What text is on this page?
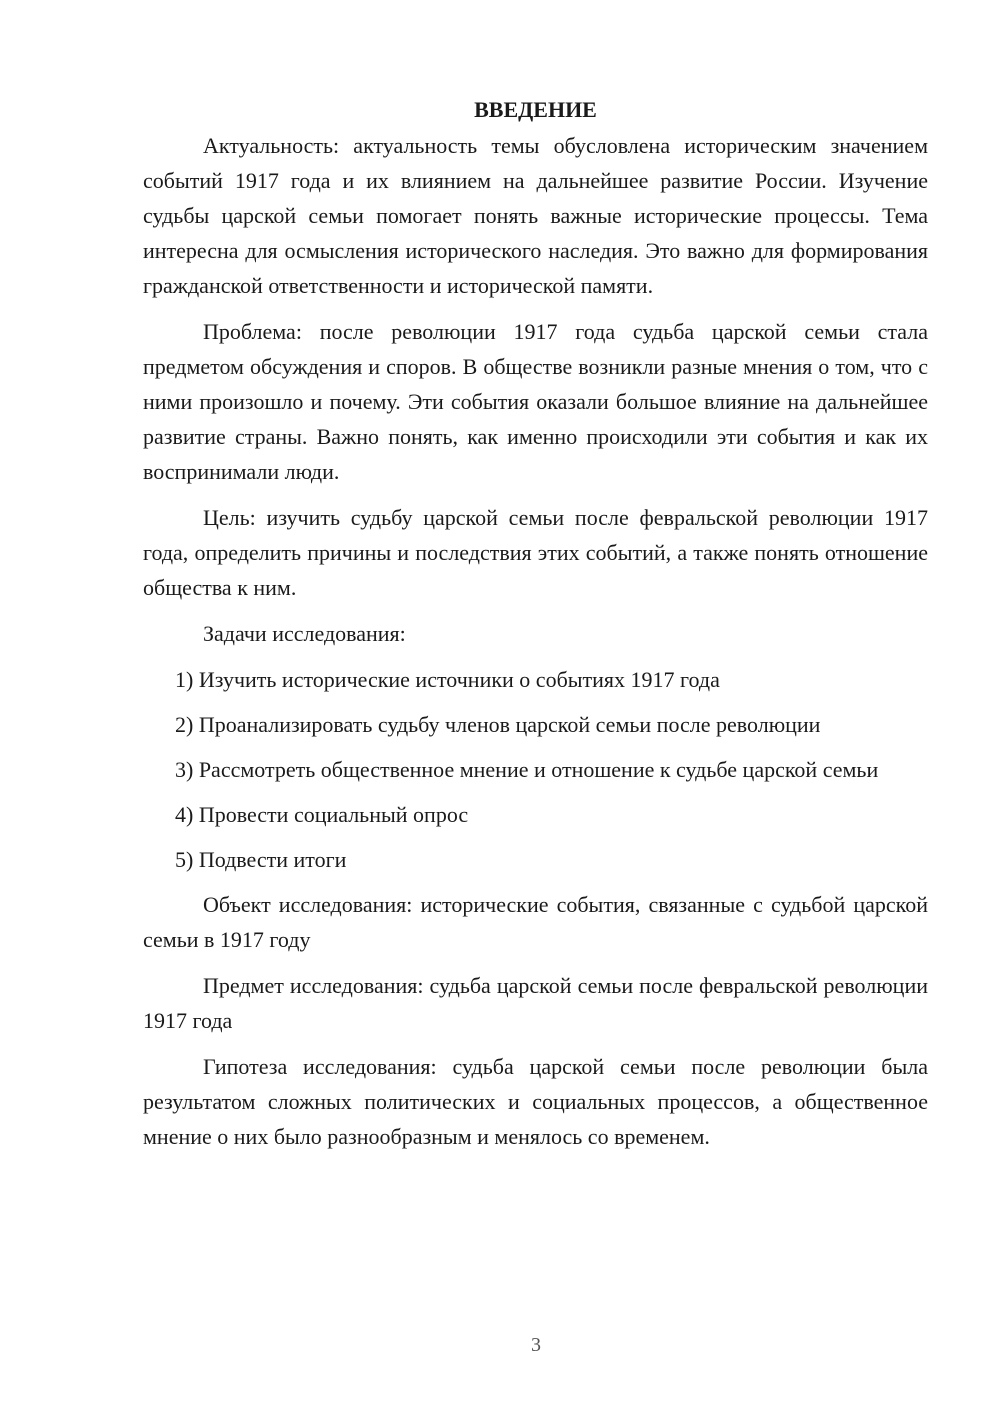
ВВЕДЕНИЕ

Актуальность: актуальность темы обусловлена историческим значением событий 1917 года и их влиянием на дальнейшее развитие России. Изучение судьбы царской семьи помогает понять важные исторические процессы. Тема интересна для осмысления исторического наследия. Это важно для формирования гражданской ответственности и исторической памяти.

Проблема: после революции 1917 года судьба царской семьи стала предметом обсуждения и споров. В обществе возникли разные мнения о том, что с ними произошло и почему. Эти события оказали большое влияние на дальнейшее развитие страны. Важно понять, как именно происходили эти события и как их воспринимали люди.

Цель: изучить судьбу царской семьи после февральской революции 1917 года, определить причины и последствия этих событий, а также понять отношение общества к ним.

Задачи исследования:

1) Изучить исторические источники о событиях 1917 года

2) Проанализировать судьбу членов царской семьи после революции

3) Рассмотреть общественное мнение и отношение к судьбе царской семьи

4) Провести социальный опрос

5) Подвести итоги

Объект исследования: исторические события, связанные с судьбой царской семьи в 1917 году

Предмет исследования: судьба царской семьи после февральской революции 1917 года

Гипотеза исследования: судьба царской семьи после революции была результатом сложных политических и социальных процессов, а общественное мнение о них было разнообразным и менялось со временем.

3
